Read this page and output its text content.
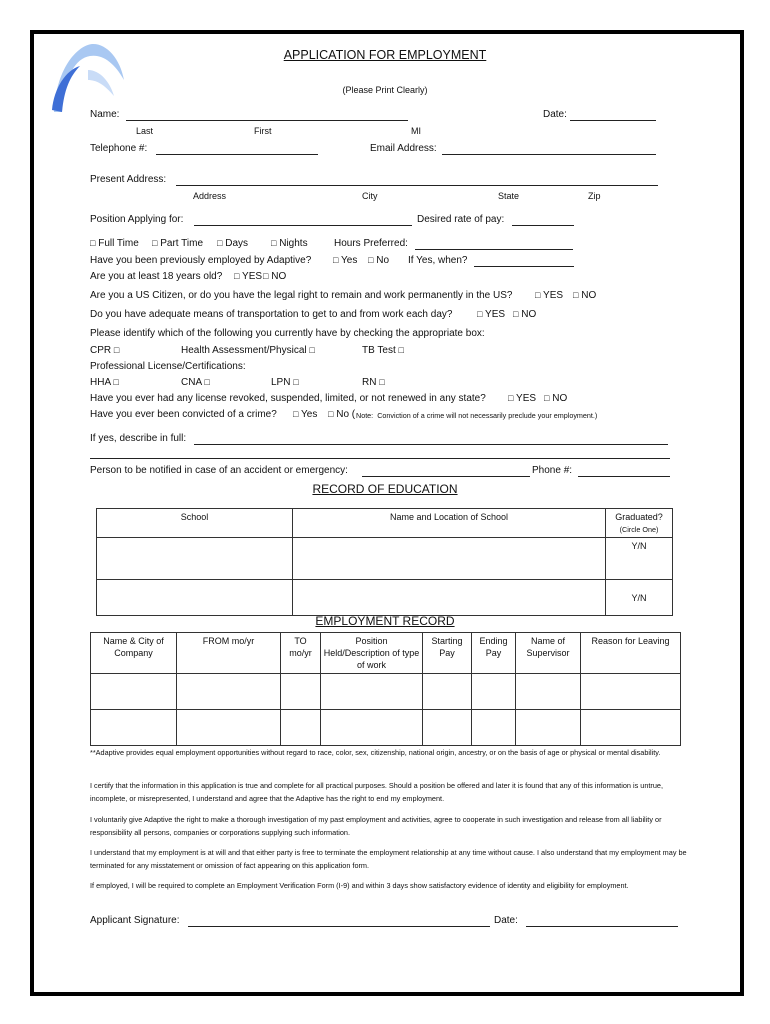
APPLICATION FOR EMPLOYMENT
(Please Print Clearly)
Name:	Date:
Last	First	MI
Telephone #:	Email Address:
Present Address:
Address	City	State	Zip
Position Applying for:	Desired rate of pay:
□ Full Time □ Part Time □ Days	□ Nights	Hours Preferred:
Have you been previously employed by Adaptive? □ Yes □ No If Yes, when?
Are you at least 18 years old? □ YES □ NO
Are you a US Citizen, or do you have the legal right to remain and work permanently in the US?	□ YES □ NO
Do you have adequate means of transportation to get to and from work each day?	□ YES □ NO
Please identify which of the following you currently have by checking the appropriate box:
CPR □	Health Assessment/Physical □	TB Test □
Professional License/Certifications:
HHA □	CNA □	LPN □	RN □
Have you ever had any license revoked, suspended, limited, or not renewed in any state? □ YES □ NO
Have you ever been convicted of a crime? □ Yes □ No ( Note: Conviction of a crime will not necessarily preclude your employment.)
If yes, describe in full:
Person to be notified in case of an accident or emergency:	Phone #:
RECORD OF EDUCATION
School	Name and Location of School	Graduated?
(Circle One)
		Y/N
		Y/N
EMPLOYMENT RECORD
Name & City of Company	FROM mo/yr	TO mo/yr	Position Held/Description of type of work	Starting Pay	Ending Pay	Name of Supervisor	Reason for Leaving

**Adaptive provides equal employment opportunities without regard to race, color, sex, citizenship, national origin, ancestry, or on the basis of age or physical or mental disability.
I certify that the information in this application is true and complete for all practical purposes. Should a position be offered and later it is found that any of this information is untrue, incomplete, or misrepresented, I understand and agree that the Adaptive has the right to end my employment.
I voluntarily give Adaptive the right to make a thorough investigation of my past employment and activities, agree to cooperate in such investigation and release from all liability or responsibility all persons, companies or corporations supplying such information.
I understand that my employment is at will and that either party is free to terminate the employment relationship at any time without cause. I also understand that my employment may be terminated for any misstatement or omission of fact appearing on this application form.
If employed, I will be required to complete an Employment Verification Form (I-9) and within 3 days show satisfactory evidence of identity and eligibility for employment.
Applicant Signature:	Date:
